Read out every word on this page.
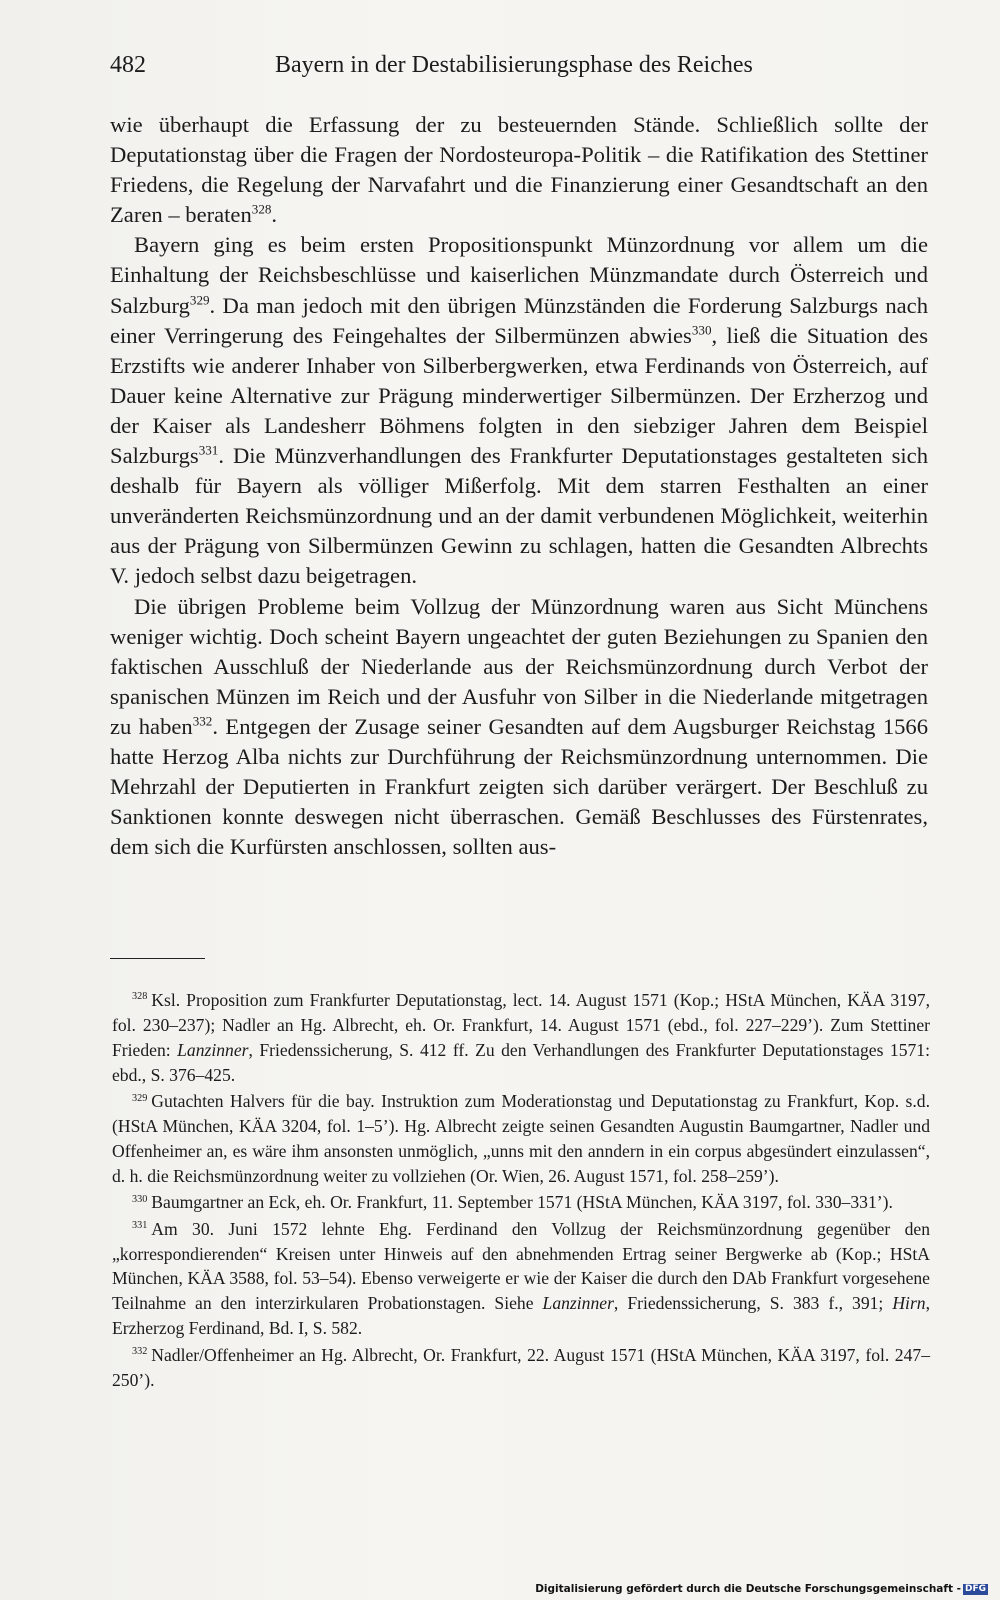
482	Bayern in der Destabilisierungsphase des Reiches

wie überhaupt die Erfassung der zu besteuernden Stände. Schließlich sollte der Deputationstag über die Fragen der Nordosteuropa-Politik – die Ratifikation des Stettiner Friedens, die Regelung der Narvafahrt und die Finanzierung einer Gesandtschaft an den Zaren – beraten$^{328}$.

Bayern ging es beim ersten Propositionspunkt Münzordnung vor allem um die Einhaltung der Reichsbeschlüsse und kaiserlichen Münzmandate durch Österreich und Salzburg$^{329}$. Da man jedoch mit den übrigen Münzständen die Forderung Salzburgs nach einer Verringerung des Feingehaltes der Silbermünzen abwies$^{330}$, ließ die Situation des Erzstifts wie anderer Inhaber von Silberbergwerken, etwa Ferdinands von Österreich, auf Dauer keine Alternative zur Prägung minderwertiger Silbermünzen. Der Erzherzog und der Kaiser als Landesherr Böhmens folgten in den siebziger Jahren dem Beispiel Salzburgs$^{331}$. Die Münzverhandlungen des Frankfurter Deputationstages gestalteten sich deshalb für Bayern als völliger Mißerfolg. Mit dem starren Festhalten an einer unveränderten Reichsmünzordnung und an der damit verbundenen Möglichkeit, weiterhin aus der Prägung von Silbermünzen Gewinn zu schlagen, hatten die Gesandten Albrechts V. jedoch selbst dazu beigetragen.

Die übrigen Probleme beim Vollzug der Münzordnung waren aus Sicht Münchens weniger wichtig. Doch scheint Bayern ungeachtet der guten Beziehungen zu Spanien den faktischen Ausschluß der Niederlande aus der Reichsmünzordnung durch Verbot der spanischen Münzen im Reich und der Ausfuhr von Silber in die Niederlande mitgetragen zu haben$^{332}$. Entgegen der Zusage seiner Gesandten auf dem Augsburger Reichstag 1566 hatte Herzog Alba nichts zur Durchführung der Reichsmünzordnung unternommen. Die Mehrzahl der Deputierten in Frankfurt zeigten sich darüber verärgert. Der Beschluß zu Sanktionen konnte deswegen nicht überraschen. Gemäß Beschlusses des Fürstenrates, dem sich die Kurfürsten anschlossen, sollten aus-

$^{328}$ Ksl. Proposition zum Frankfurter Deputationstag, lect. 14. August 1571 (Kop.; HStA München, KÄA 3197, fol. 230–237); Nadler an Hg. Albrecht, eh. Or. Frankfurt, 14. August 1571 (ebd., fol. 227–229’). Zum Stettiner Frieden: Lanzinner, Friedenssicherung, S. 412 ff. Zu den Verhandlungen des Frankfurter Deputationstages 1571: ebd., S. 376–425.

$^{329}$ Gutachten Halvers für die bay. Instruktion zum Moderationstag und Deputationstag zu Frankfurt, Kop. s.d. (HStA München, KÄA 3204, fol. 1–5’). Hg. Albrecht zeigte seinen Gesandten Augustin Baumgartner, Nadler und Offenheimer an, es wäre ihm ansonsten unmöglich, „unns mit den anndern in ein corpus abgesündert einzulassen“, d. h. die Reichsmünzordnung weiter zu vollziehen (Or. Wien, 26. August 1571, fol. 258–259’).

$^{330}$ Baumgartner an Eck, eh. Or. Frankfurt, 11. September 1571 (HStA München, KÄA 3197, fol. 330–331’).

$^{331}$ Am 30. Juni 1572 lehnte Ehg. Ferdinand den Vollzug der Reichsmünzordnung gegenüber den „korrespondierenden“ Kreisen unter Hinweis auf den abnehmenden Ertrag seiner Bergwerke ab (Kop.; HStA München, KÄA 3588, fol. 53–54). Ebenso verweigerte er wie der Kaiser die durch den DAb Frankfurt vorgesehene Teilnahme an den interzirkularen Probationstagen. Siehe Lanzinner, Friedenssicherung, S. 383 f., 391; Hirn, Erzherzog Ferdinand, Bd. I, S. 582.

$^{332}$ Nadler/Offenheimer an Hg. Albrecht, Or. Frankfurt, 22. August 1571 (HStA München, KÄA 3197, fol. 247–250’).

Digitalisierung gefördert durch die Deutsche Forschungsgemeinschaft - DFG
